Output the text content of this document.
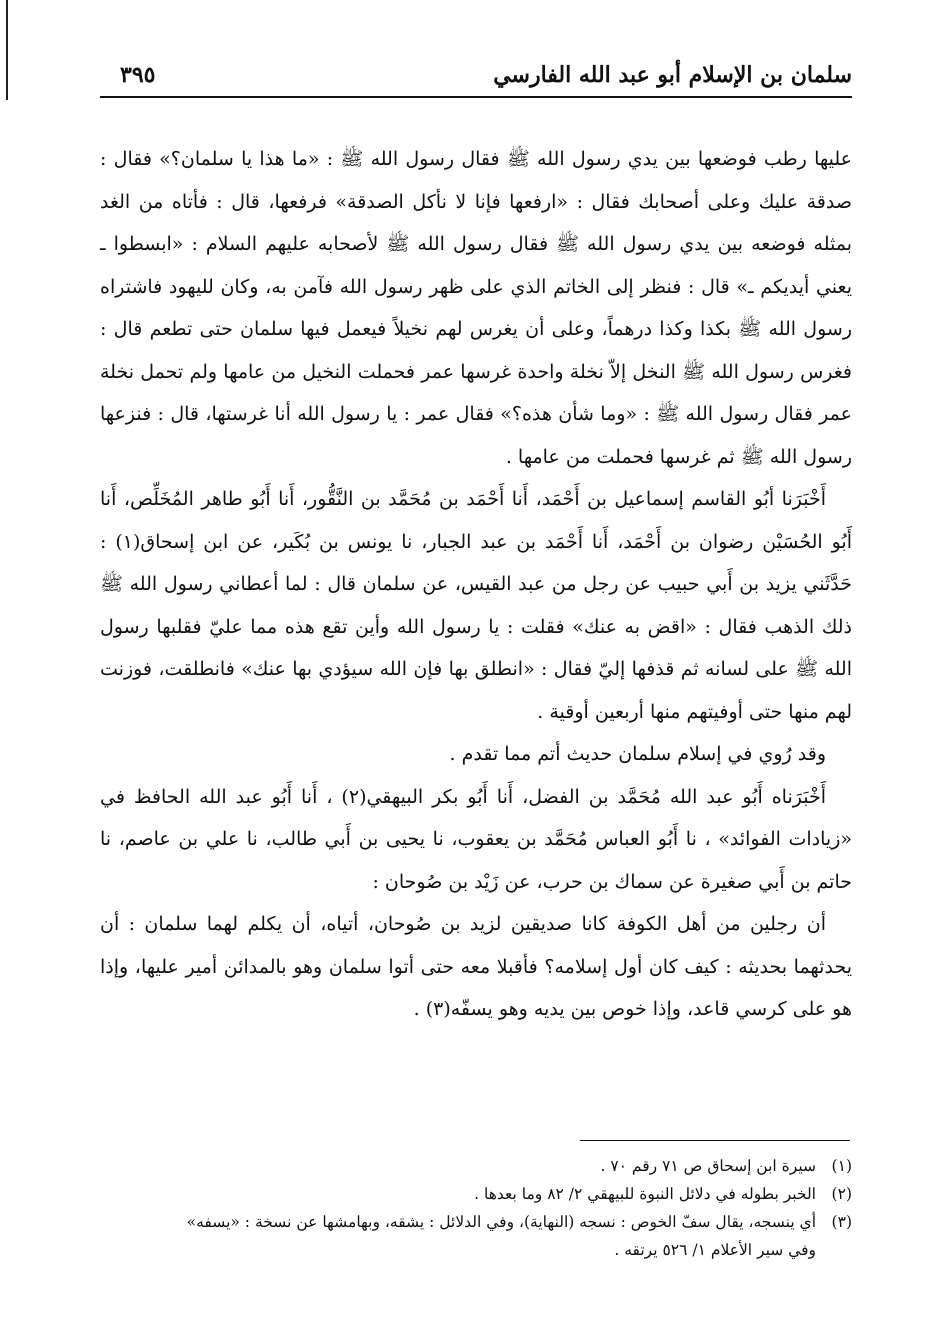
سلمان بن الإسلام أبو عبد الله الفارسي
٣٩٥

عليها رطب فوضعها بين يدي رسول الله ﷺ فقال رسول الله ﷺ : «ما هذا يا سلمان؟» فقال : صدقة عليك وعلى أصحابك فقال : «ارفعها فإنا لا نأكل الصدقة» فرفعها، قال : فأتاه من الغد بمثله فوضعه بين يدي رسول الله ﷺ فقال رسول الله ﷺ لأصحابه عليهم السلام : «ابسطوا ـ يعني أيديكم ـ» قال : فنظر إلى الخاتم الذي على ظهر رسول الله فآمن به، وكان لليهود فاشتراه رسول الله ﷺ بكذا وكذا درهماً، وعلى أن يغرس لهم نخيلاً فيعمل فيها سلمان حتى تطعم قال : فغرس رسول الله ﷺ النخل إلاّ نخلة واحدة غرسها عمر فحملت النخيل من عامها ولم تحمل نخلة عمر فقال رسول الله ﷺ : «وما شأن هذه؟» فقال عمر : يا رسول الله أنا غرستها، قال : فنزعها رسول الله ﷺ ثم غرسها فحملت من عامها .

أَخْبَرَنا أبُو القاسم إسماعيل بن أَحْمَد، أَنا أَحْمَد بن مُحَمَّد بن النَّقُّور، أَنا أَبُو طاهر المُخَلِّص، أَنا أَبُو الحُسَيْن رضوان بن أَحْمَد، أَنا أَحْمَد بن عبد الجبار، نا يونس بن بُكَير، عن ابن إسحاق(١) : حَدَّثَني يزيد بن أَبي حبيب عن رجل من عبد القيس، عن سلمان قال : لما أعطاني رسول الله ﷺ ذلك الذهب فقال : «اقض به عنك» فقلت : يا رسول الله وأين تقع هذه مما عليّ فقلبها رسول الله ﷺ على لسانه ثم قذفها إليّ فقال : «انطلق بها فإن الله سيؤدي بها عنك» فانطلقت، فوزنت لهم منها حتى أوفيتهم منها أربعين أوقية .

وقد رُوي في إسلام سلمان حديث أتم مما تقدم .

أَخْبَرَناه أَبُو عبد الله مُحَمَّد بن الفضل، أَنا أَبُو بكر البيهقي(٢) ، أَنا أَبُو عبد الله الحافظ في «زيادات الفوائد» ، نا أَبُو العباس مُحَمَّد بن يعقوب، نا يحيى بن أَبي طالب، نا علي بن عاصم، نا حاتم بن أَبي صغيرة عن سماك بن حرب، عن زَيْد بن صُوحان :

أن رجلين من أهل الكوفة كانا صديقين لزيد بن صُوحان، أتياه، أن يكلم لهما سلمان : أن يحدثهما بحديثه : كيف كان أول إسلامه؟ فأقبلا معه حتى أتوا سلمان وهو بالمدائن أمير عليها، وإذا هو على كرسي قاعد، وإذا خوص بين يديه وهو يسفّه(٣) .

(١)سيرة ابن إسحاق ص ٧١ رقم ٧٠ .

(٢)الخبر بطوله في دلائل النبوة للبيهقي ٢/ ٨٢ وما بعدها .

(٣)أي ينسجه، يقال سفّ الخوص : نسجه (النهاية)، وفي الدلائل : يشقه، وبهامشها عن نسخة : «يسفه»

وفي سير الأعلام ١/ ٥٢٦ يرتقه .
